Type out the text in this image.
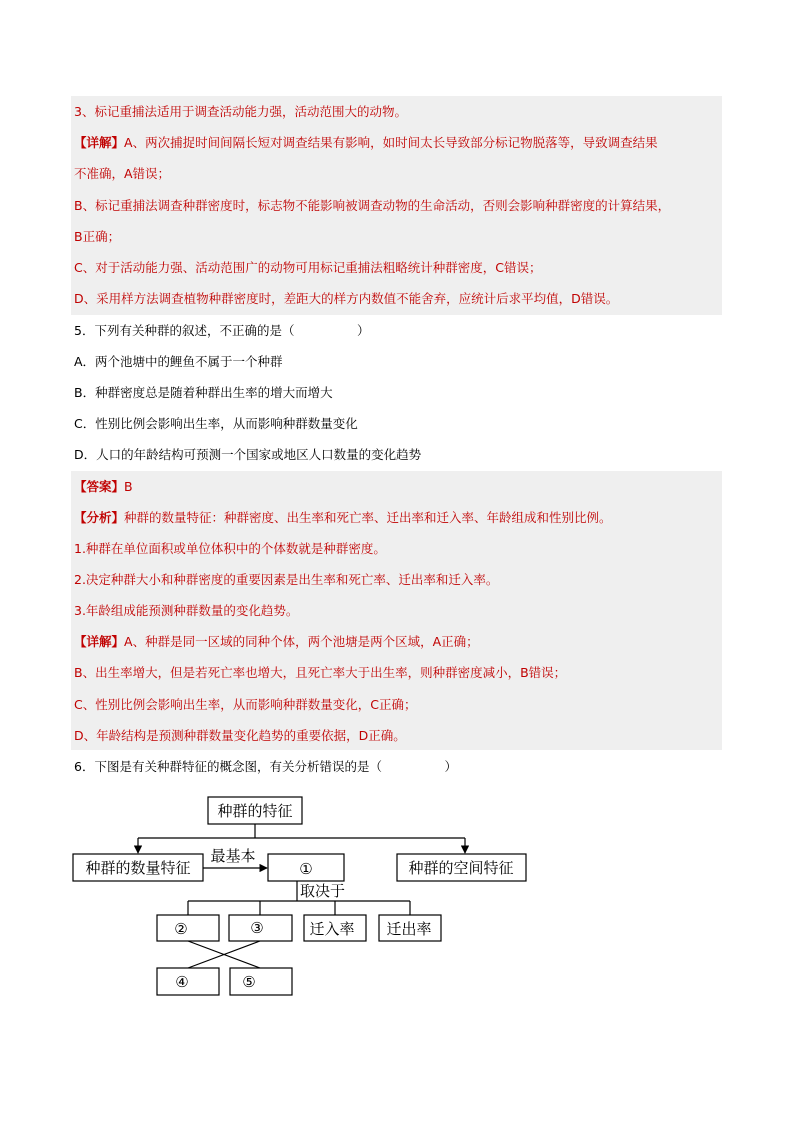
3、标记重捕法适用于调查活动能力强，活动范围大的动物。
【详解】A、两次捕捉时间间隔长短对调查结果有影响，如时间太长导致部分标记物脱落等，导致调查结果
不准确，A错误；
B、标记重捕法调查种群密度时，标志物不能影响被调查动物的生命活动，否则会影响种群密度的计算结果，
B正确；
C、对于活动能力强、活动范围广的动物可用标记重捕法粗略统计种群密度，C错误；
D、采用样方法调查植物种群密度时，差距大的样方内数值不能舍弃，应统计后求平均值，D错误。
5．下列有关种群的叙述，不正确的是（　　　　　）
A．两个池塘中的鲤鱼不属于一个种群
B．种群密度总是随着种群出生率的增大而增大
C．性别比例会影响出生率，从而影响种群数量变化
D．人口的年龄结构可预测一个国家或地区人口数量的变化趋势
【答案】B
【分析】种群的数量特征：种群密度、出生率和死亡率、迁出率和迁入率、年龄组成和性别比例。
1.种群在单位面积或单位体积中的个体数就是种群密度。
2.决定种群大小和种群密度的重要因素是出生率和死亡率、迁出率和迁入率。
3.年龄组成能预测种群数量的变化趋势。
【详解】A、种群是同一区域的同种个体，两个池塘是两个区域，A正确；
B、出生率增大，但是若死亡率也增大，且死亡率大于出生率，则种群密度减小，B错误；
C、性别比例会影响出生率，从而影响种群数量变化，C正确；
D、年龄结构是预测种群数量变化趋势的重要依据，D正确。
6．下图是有关种群特征的概念图，有关分析错误的是（　　　　　）
种群的特征
种群的数量特征	种群的空间特征
最基本
①
取决于
②	③	迁入率 迁出率
④	⑤
